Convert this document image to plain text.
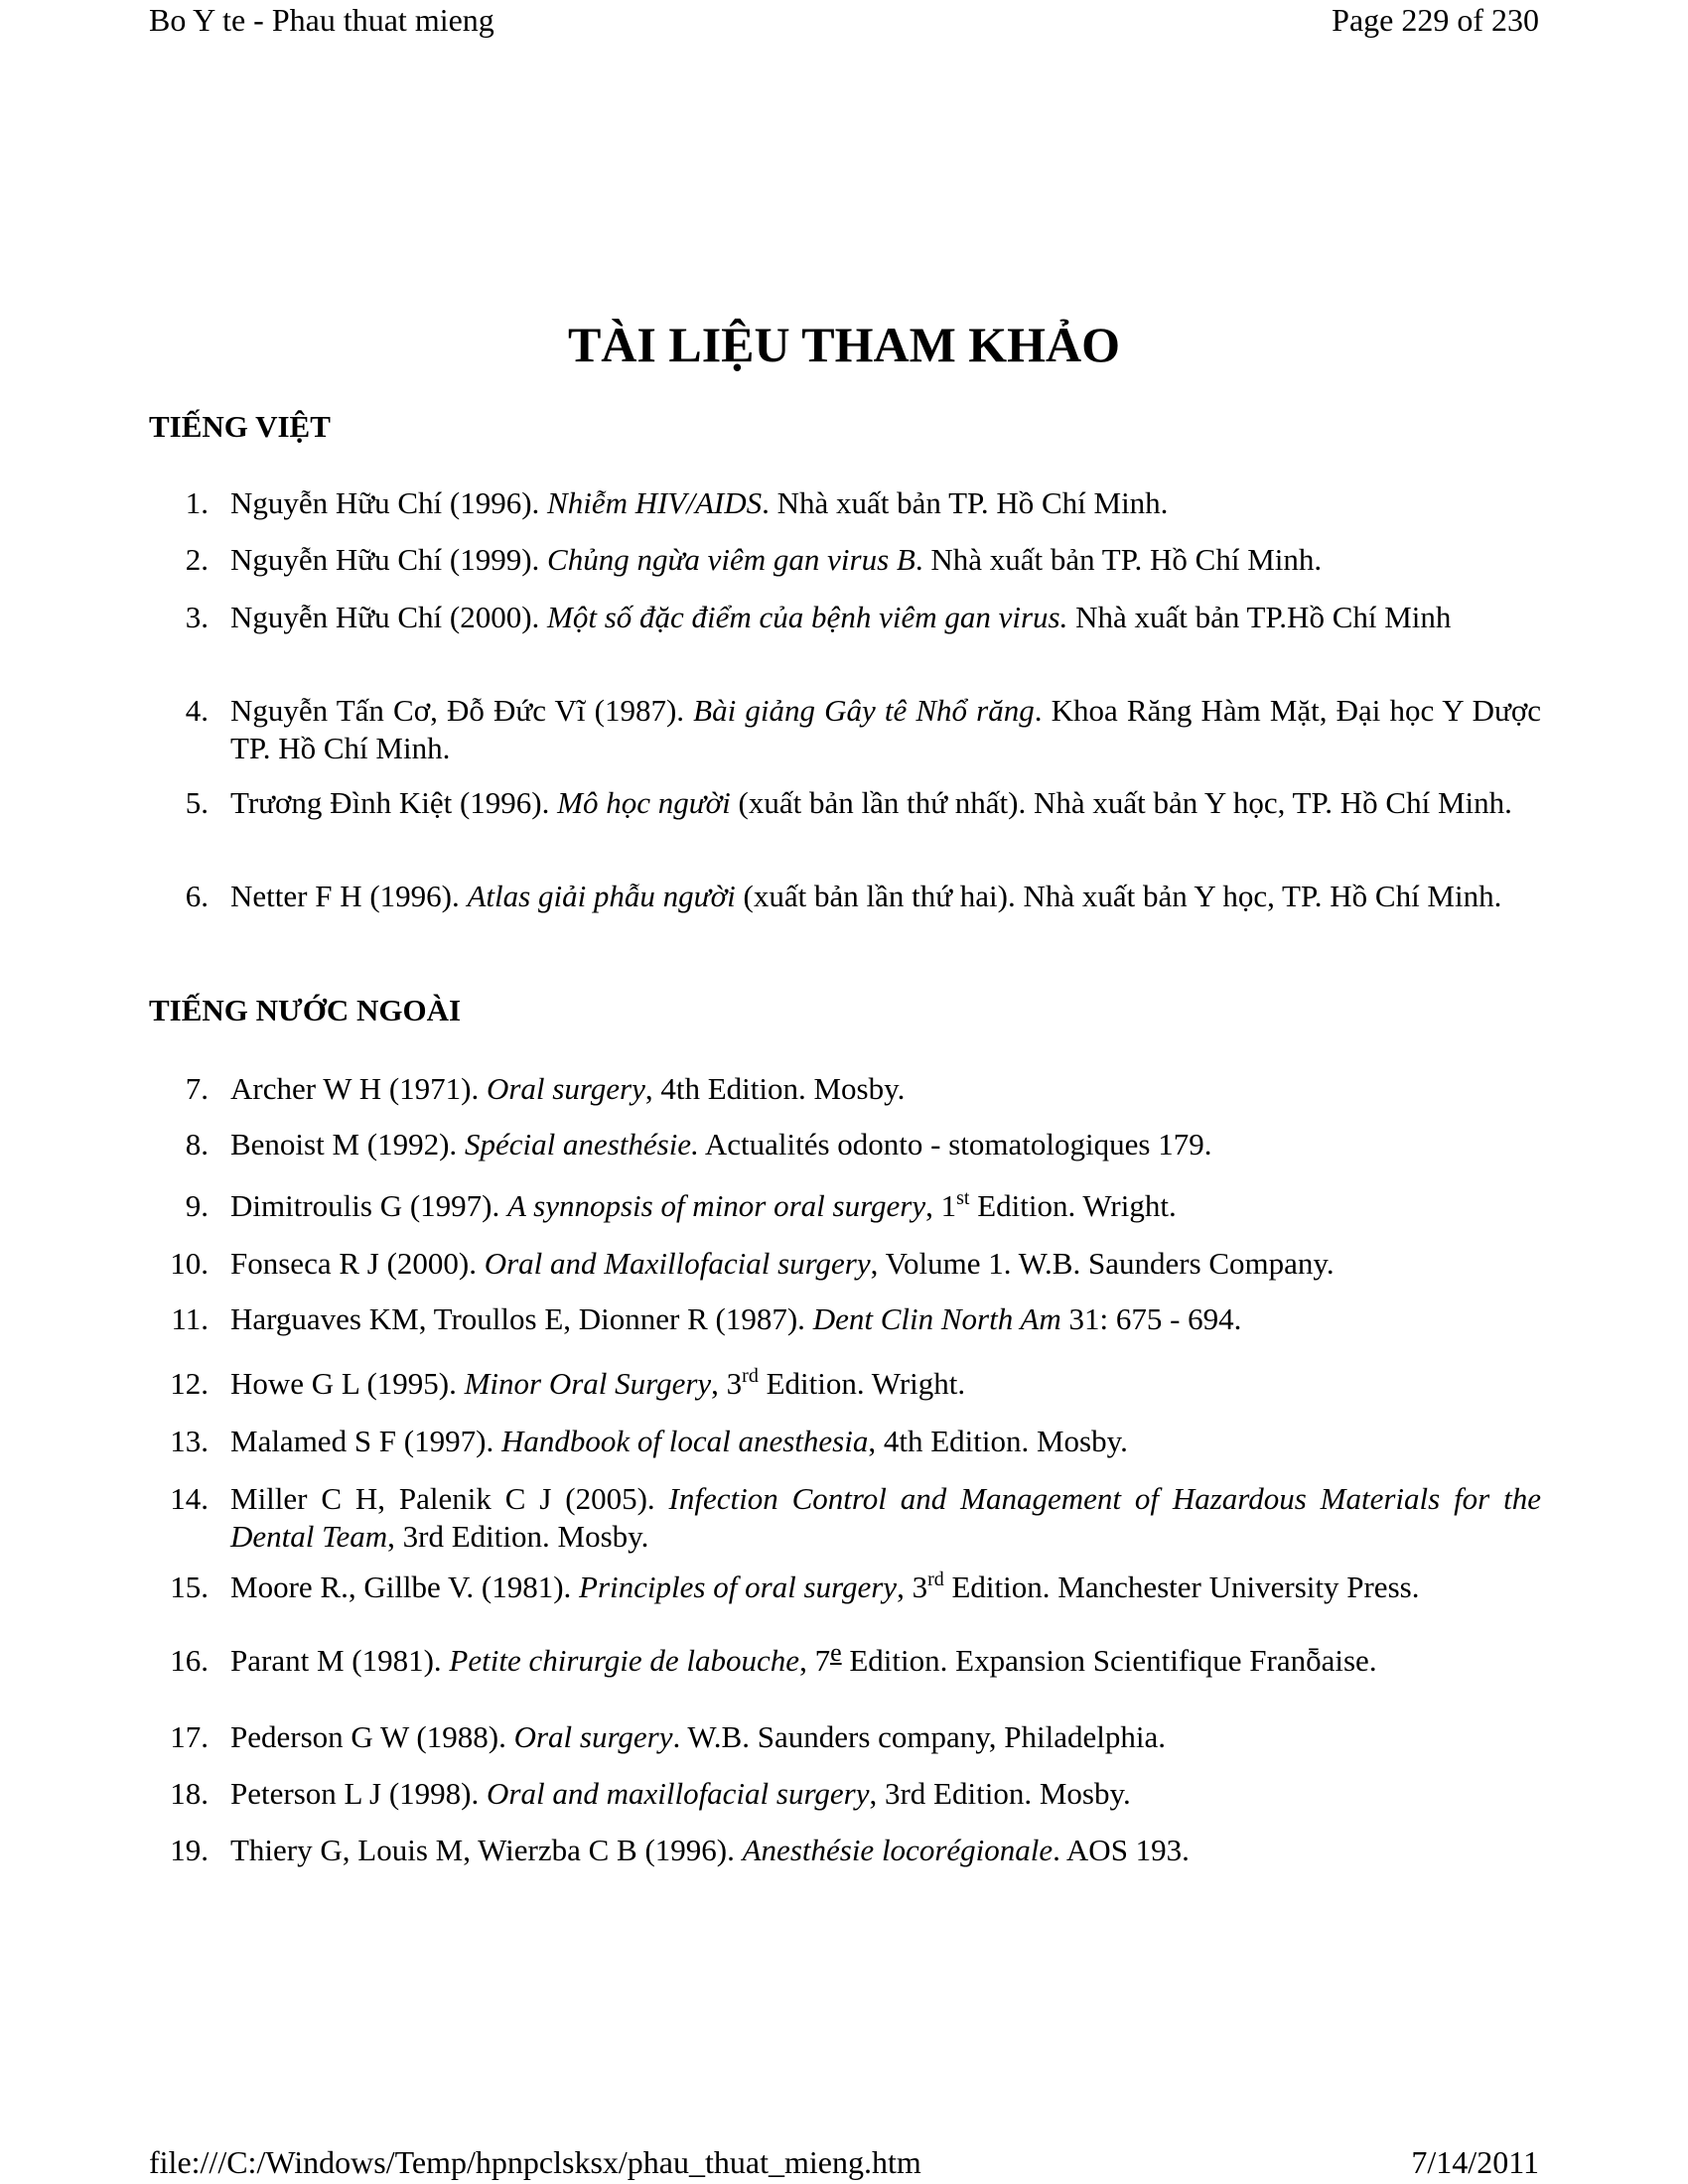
Bo Y te - Phau thuat mieng	Page 229 of 230
TÀI LIỆU THAM KHẢO
TIẾNG VIỆT
TIẾNG NƯỚC NGOÀI
1. Nguyễn Hữu Chí (1996). Nhiễm HIV/AIDS. Nhà xuất bản TP. Hồ Chí Minh.
2. Nguyễn Hữu Chí (1999). Chủng ngừa viêm gan virus B. Nhà xuất bản TP. Hồ Chí Minh.
3. Nguyễn Hữu Chí (2000). Một số đặc điểm của bệnh viêm gan virus. Nhà xuất bản TP.Hồ Chí Minh
4. Nguyễn Tấn Cơ, Đỗ Đức Vĩ (1987). Bài giảng Gây tê Nhổ răng. Khoa Răng Hàm Mặt, Đại học Y Dược TP. Hồ Chí Minh.
5. Trương Đình Kiệt (1996). Mô học người (xuất bản lần thứ nhất). Nhà xuất bản Y học, TP. Hồ Chí Minh.
6. Netter F H (1996). Atlas giải phẫu người (xuất bản lần thứ hai). Nhà xuất bản Y học, TP. Hồ Chí Minh.
7. Archer W H (1971). Oral surgery, 4th Edition. Mosby.
8. Benoist M (1992). Spécial anesthésie. Actualités odonto - stomatologiques 179.
9. Dimitroulis G (1997). A synnopsis of minor oral surgery, 1st Edition. Wright.
10. Fonseca R J (2000). Oral and Maxillofacial surgery, Volume 1. W.B. Saunders Company.
11. Harguaves KM, Troullos E, Dionner R (1987). Dent Clin North Am 31: 675 - 694.
12. Howe G L (1995). Minor Oral Surgery, 3rd Edition. Wright.
13. Malamed S F (1997). Handbook of local anesthesia, 4th Edition. Mosby.
14. Miller C H, Palenik C J (2005). Infection Control and Management of Hazardous Materials for the Dental Team, 3rd Edition. Mosby.
15. Moore R., Gillbe V. (1981). Principles of oral surgery, 3rd Edition. Manchester University Press.
16. Parant M (1981). Petite chirurgie de labouche, 7e Edition. Expansion Scientifique Franȭaise.
17. Pederson G W (1988). Oral surgery. W.B. Saunders company, Philadelphia.
18. Peterson L J (1998). Oral and maxillofacial surgery, 3rd Edition. Mosby.
19. Thiery G, Louis M, Wierzba C B (1996). Anesthésie locorégionale. AOS 193.
file:///C:/Windows/Temp/hpnpclsksx/phau_thuat_mieng.htm	7/14/2011
